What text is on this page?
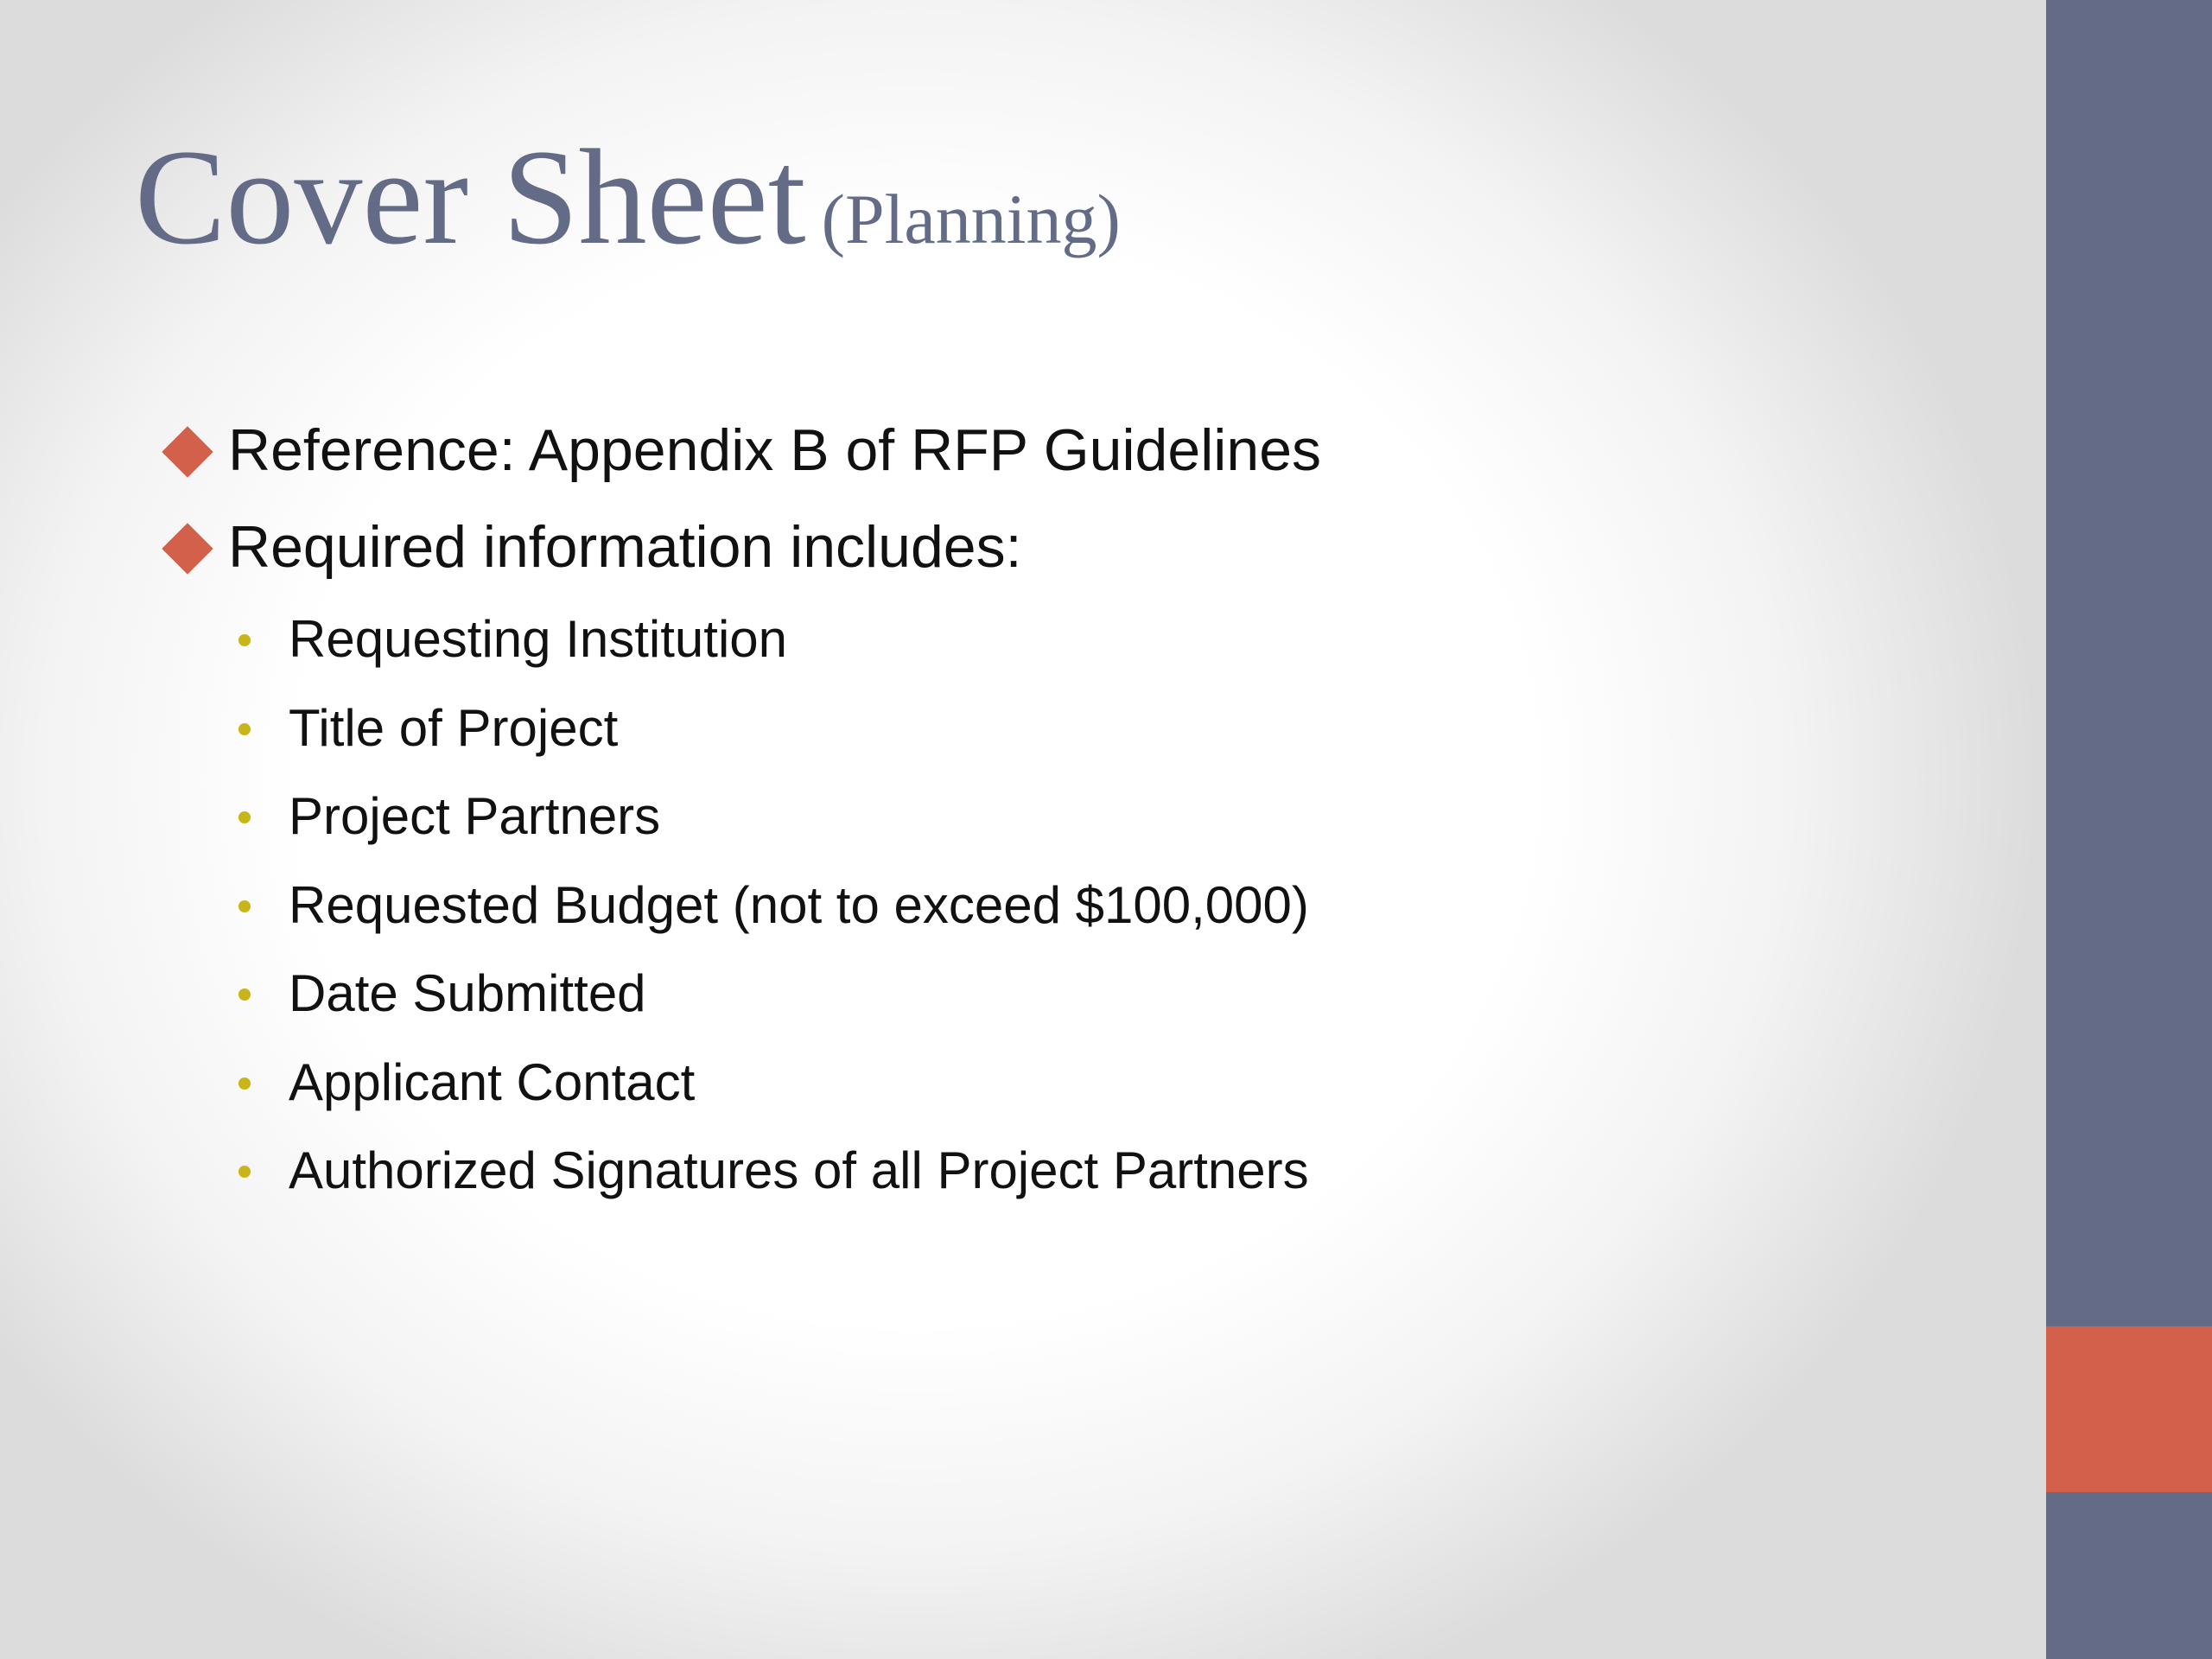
Cover Sheet (Planning)
Reference: Appendix B of RFP Guidelines
Required information includes:
Requesting Institution
Title of Project
Project Partners
Requested Budget (not to exceed $100,000)
Date Submitted
Applicant Contact
Authorized Signatures of all Project Partners
